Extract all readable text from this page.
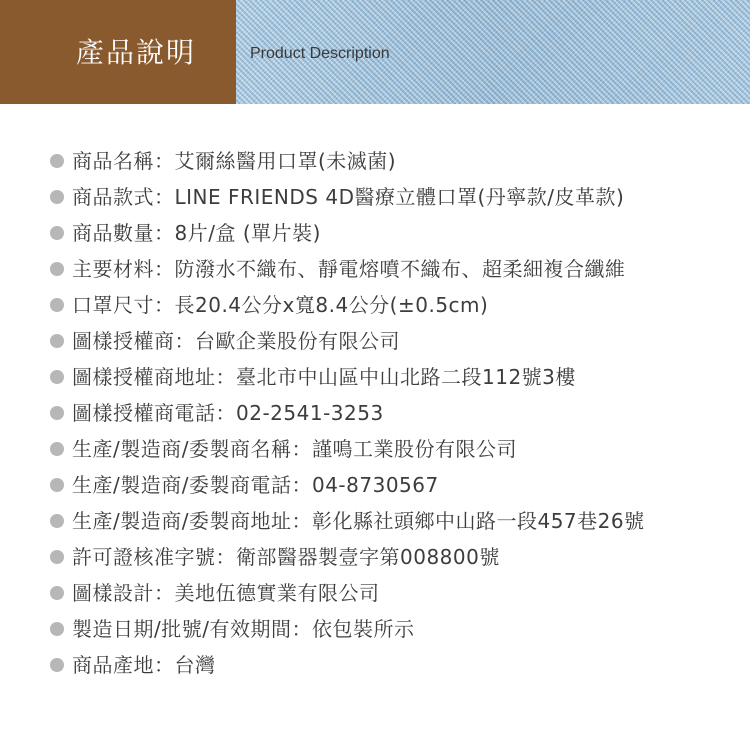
產品說明	Product Description
商品名稱：艾爾絲醫用口罩(未滅菌)
商品款式：LINE FRIENDS 4D醫療立體口罩(丹寧款/皮革款)
商品數量：8片/盒 (單片裝)
主要材料：防潑水不織布、靜電熔噴不織布、超柔細複合纖維
口罩尺寸：長20.4公分x寬8.4公分(±0.5cm)
圖樣授權商：台歐企業股份有限公司
圖樣授權商地址：臺北市中山區中山北路二段112號3樓
圖樣授權商電話：02-2541-3253
生產/製造商/委製商名稱：謹鳴工業股份有限公司
生產/製造商/委製商電話：04-8730567
生產/製造商/委製商地址：彰化縣社頭鄉中山路一段457巷26號
許可證核准字號：衛部醫器製壹字第008800號
圖樣設計：美地伍德實業有限公司
製造日期/批號/有效期間：依包裝所示
商品產地：台灣
